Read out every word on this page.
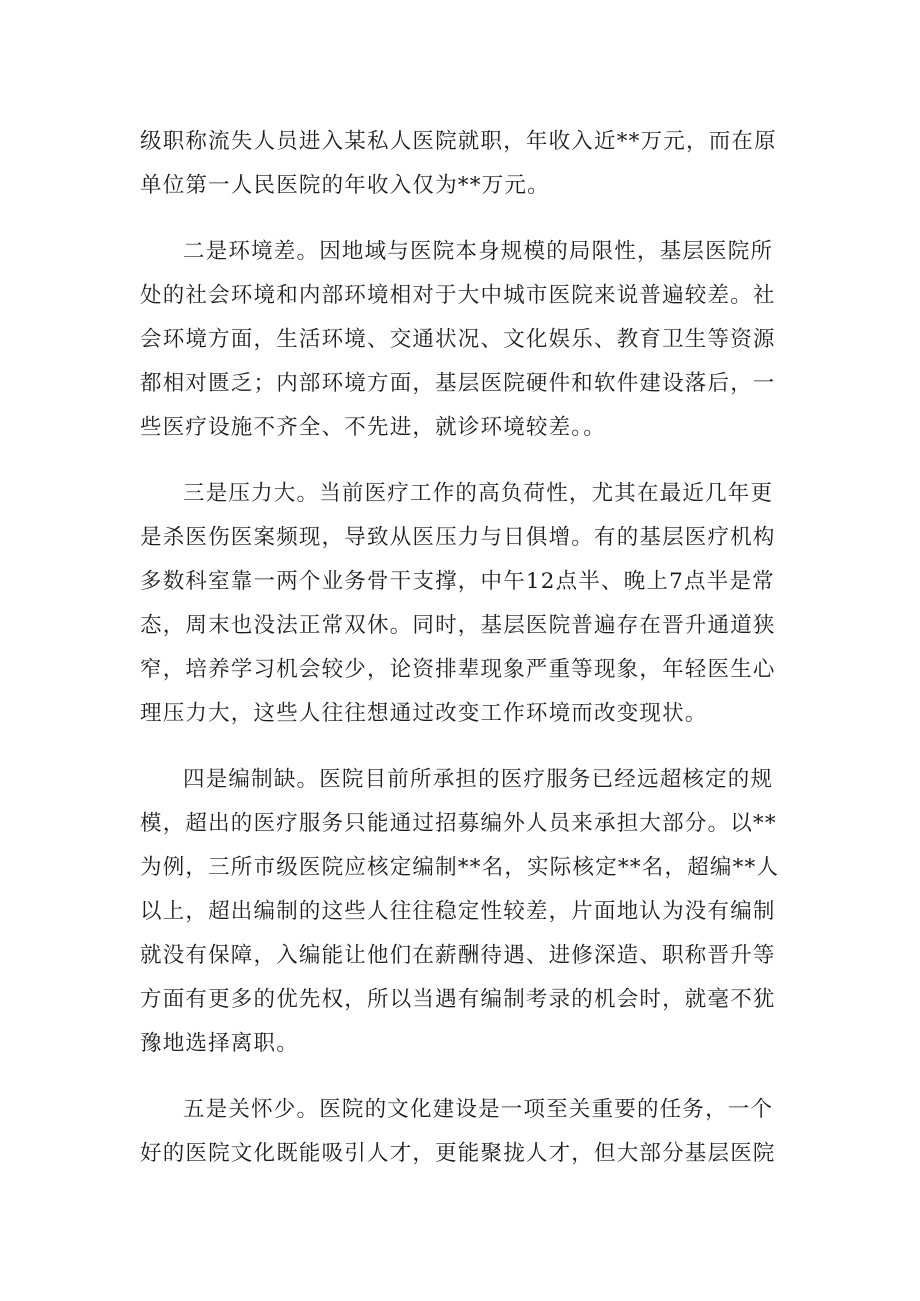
级职称流失人员进入某私人医院就职，年收入近**万元，而在原单位第一人民医院的年收入仅为**万元。

二是环境差。因地域与医院本身规模的局限性，基层医院所处的社会环境和内部环境相对于大中城市医院来说普遍较差。社会环境方面，生活环境、交通状况、文化娱乐、教育卫生等资源都相对匮乏；内部环境方面，基层医院硬件和软件建设落后，一些医疗设施不齐全、不先进，就诊环境较差。。

三是压力大。当前医疗工作的高负荷性，尤其在最近几年更是杀医伤医案频现，导致从医压力与日俱增。有的基层医疗机构多数科室靠一两个业务骨干支撑，中午12点半、晚上7点半是常态，周末也没法正常双休。同时，基层医院普遍存在晋升通道狭窄，培养学习机会较少，论资排辈现象严重等现象，年轻医生心理压力大，这些人往往想通过改变工作环境而改变现状。

四是编制缺。医院目前所承担的医疗服务已经远超核定的规模，超出的医疗服务只能通过招募编外人员来承担大部分。以**为例，三所市级医院应核定编制**名，实际核定**名，超编**人以上，超出编制的这些人往往稳定性较差，片面地认为没有编制就没有保障，入编能让他们在薪酬待遇、进修深造、职称晋升等方面有更多的优先权，所以当遇有编制考录的机会时，就毫不犹豫地选择离职。

五是关怀少。医院的文化建设是一项至关重要的任务，一个好的医院文化既能吸引人才，更能聚拢人才，但大部分基层医院
